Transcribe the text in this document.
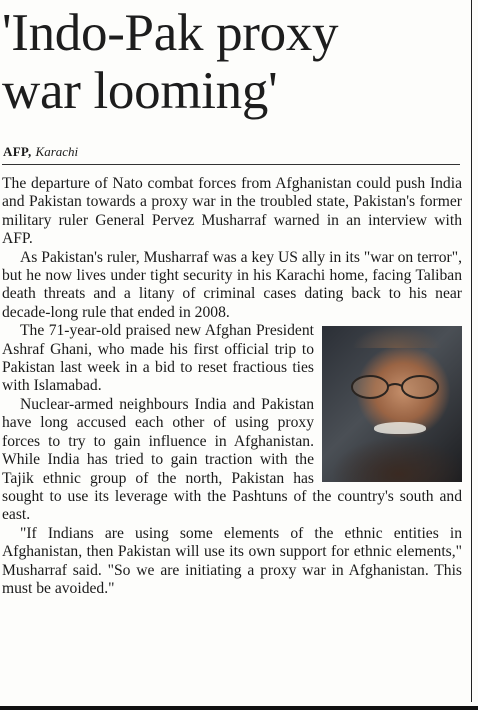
'Indo-Pak proxy
war looming'
AFP, Karachi

The departure of Nato combat forces from Afghanistan could push India and Pakistan towards a proxy war in the troubled state, Pakistan's former military ruler General Pervez Musharraf warned in an interview with AFP.

As Pakistan's ruler, Musharraf was a key US ally in its "war on terror", but he now lives under tight security in his Karachi home, facing Taliban death threats and a litany of criminal cases dating back to his near decade-long rule that ended in 2008.

The 71-year-old praised new Afghan President Ashraf Ghani, who made his first official trip to Pakistan last week in a bid to reset fractious ties with Islamabad.

Nuclear-armed neighbours India and Pakistan have long accused each other of using proxy forces to try to gain influence in Afghanistan. While India has tried to gain traction with the Tajik ethnic group of the north, Pakistan has sought to use its leverage with the Pashtuns of the country's south and east.

"If Indians are using some elements of the ethnic entities in Afghanistan, then Pakistan will use its own support for ethnic elements," Musharraf said. "So we are initiating a proxy war in Afghanistan. This must be avoided."
